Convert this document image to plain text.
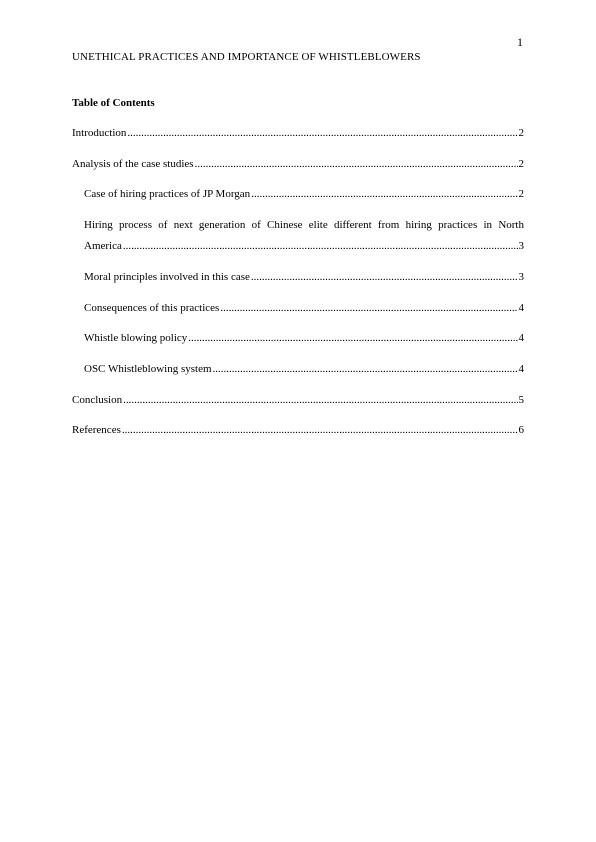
1
UNETHICAL PRACTICES AND IMPORTANCE OF WHISTLEBLOWERS
Table of Contents
Introduction .....	2
Analysis of the case studies .....	2
Case of hiring practices of JP Morgan .....	2
Hiring process of next generation of Chinese elite different from hiring practices in North
America .....	3
Moral principles involved in this case .....	3
Consequences of this practices .....	4
Whistle blowing policy .....	4
OSC Whistleblowing system .....	4
Conclusion .....	5
References .....	6
